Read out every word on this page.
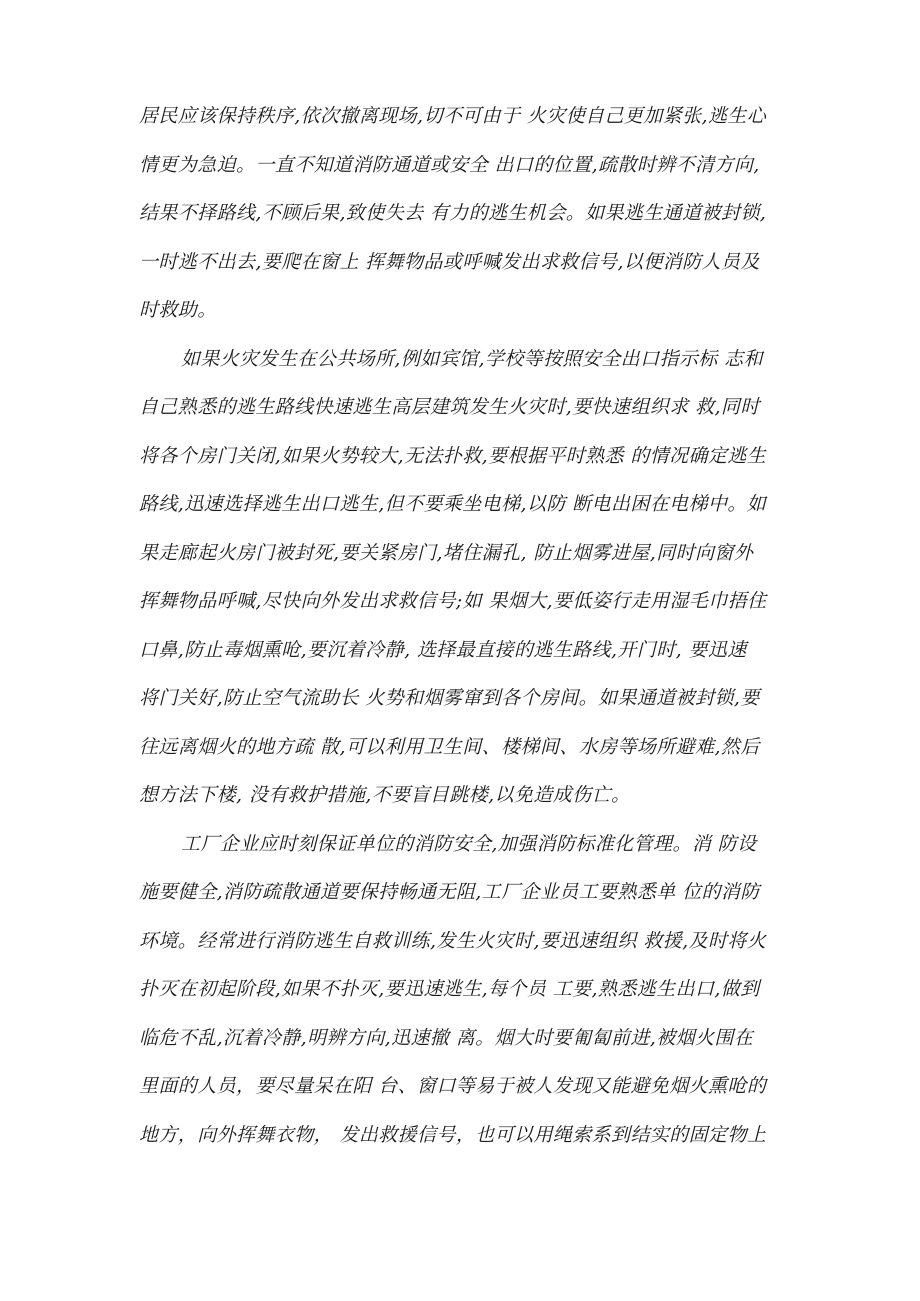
居民应该保持秩序,依次撤离现场,切不可由于 火灾使自己更加紧张,逃生心
情更为急迫。一直不知道消防通道或安全 出口的位置,疏散时辨不清方向,
结果不择路线,不顾后果,致使失去 有力的逃生机会。如果逃生通道被封锁,
一时逃不出去,要爬在窗上 挥舞物品或呼喊发出求救信号,以便消防人员及
时救助。
如果火灾发生在公共场所,例如宾馆,学校等按照安全出口指示标 志和
自己熟悉的逃生路线快速逃生高层建筑发生火灾时,要快速组织求 救,同时
将各个房门关闭,如果火势较大,无法扑救,要根据平时熟悉 的情况确定逃生
路线,迅速选择逃生出口逃生,但不要乘坐电梯,以防 断电出困在电梯中。如
果走廊起火房门被封死,要关紧房门,堵住漏孔, 防止烟雾进屋,同时向窗外
挥舞物品呼喊,尽快向外发出求救信号;如 果烟大,要低姿行走用湿毛巾捂住
口鼻,防止毒烟熏呛,要沉着冷静, 选择最直接的逃生路线,开门时, 要迅速
将门关好,防止空气流助长 火势和烟雾窜到各个房间。如果通道被封锁,要
往远离烟火的地方疏 散,可以利用卫生间、楼梯间、水房等场所避难,然后
想方法下楼, 没有救护措施,不要盲目跳楼,以免造成伤亡。
工厂企业应时刻保证单位的消防安全,加强消防标准化管理。消 防设
施要健全,消防疏散通道要保持畅通无阻,工厂企业员工要熟悉单 位的消防
环境。经常进行消防逃生自救训练,发生火灾时,要迅速组织 救援,及时将火
扑灭在初起阶段,如果不扑灭,要迅速逃生,每个员 工要,熟悉逃生出口,做到
临危不乱,沉着冷静,明辨方向,迅速撤 离。烟大时要匍匐前进,被烟火围在
里面的人员，要尽量呆在阳 台、窗口等易于被人发现又能避免烟火熏呛的
地方，向外挥舞衣物， 发出救援信号，也可以用绳索系到结实的固定物上
